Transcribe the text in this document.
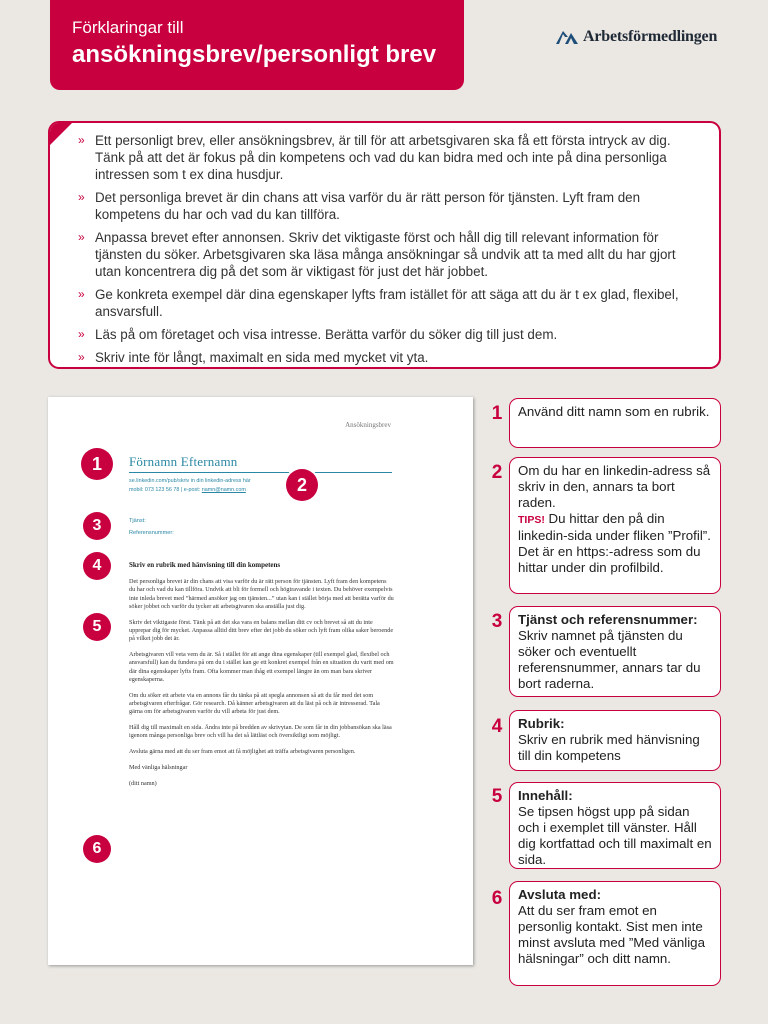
Förklaringar till
ansökningsbrev/personligt brev
Arbetsförmedlingen
» Ett personligt brev, eller ansökningsbrev, är till för att arbetsgivaren ska få ett första intryck av dig. Tänk på att det är fokus på din kompetens och vad du kan bidra med och inte på dina personliga intressen som t ex dina husdjur.
» Det personliga brevet är din chans att visa varför du är rätt person för tjänsten. Lyft fram den kompetens du har och vad du kan tillföra.
» Anpassa brevet efter annonsen. Skriv det viktigaste först och håll dig till relevant information för tjänsten du söker. Arbetsgivaren ska läsa många ansökningar så undvik att ta med allt du har gjort utan koncentrera dig på det som är viktigast för just det här jobbet.
» Ge konkreta exempel där dina egenskaper lyfts fram istället för att säga att du är t ex glad, flexibel, ansvarsfull.
» Läs på om företaget och visa intresse. Berätta varför du söker dig till just dem.
» Skriv inte för långt, maximalt en sida med mycket vit yta.
Ansökningsbrev
Förnamn Efternamn
se.linkedin.com/pub/skriv in din linkedin-adress här
mobil: 073 123 56 78 | e-post: namn@namn.com
Tjänst:
Referensnummer:
Skriv en rubrik med hänvisning till din kompetens

Det personliga brevet är din chans att visa varför du är rätt person för tjänsten. Lyft fram den kompetens du har och vad du kan tillföra. Undvik att bli för formell och högtravande i texten. Du behöver exempelvis inte inleda brevet med ”härmed ansöker jag om tjänsten...” utan kan i stället börja med att berätta varför du söker jobbet och varför du tycker att arbetsgivaren ska anställa just dig.

Skriv det viktigaste först. Tänk på att det ska vara en balans mellan ditt cv och brevet så att du inte upprepar dig för mycket. Anpassa alltid ditt brev efter det jobb du söker och lyft fram olika saker beroende på vilket jobb det är.

Arbetsgivaren vill veta vem du är. Så i stället för att ange dina egenskaper (till exempel glad, flexibel och ansvarsfull) kan du fundera på om du i stället kan ge ett konkret exempel från en situation du varit med om där dina egenskaper lyfts fram. Ofta kommer man ihåg ett exempel längre än om man bara skriver egenskaperna.

Om du söker ett arbete via en annons får du tänka på att spegla annonsen så att du får med det som arbetsgivaren efterfrågar. Gör research. Då känner arbetsgivaren att du läst på och är intresserad. Tala gärna om för arbetsgivaren varför du vill arbeta för just dem.

Håll dig till maximalt en sida. Ändra inte på bredden av skrivytan. De som får in din jobbansökan ska läsa igenom många personliga brev och vill ha det så lättläst och översiktligt som möjligt.

Avsluta gärna med att du ser fram emot att få möjlighet att träffa arbetsgivaren personligen.

Med vänliga hälsningar

(ditt namn)

1
2
3
4
5
6
1	Använd ditt namn som en rubrik.
2	Om du har en linkedin-adress så skriv in den, annars ta bort raden.
TIPS! Du hittar den på din linkedin-sida under fliken ”Profil”. Det är en https:-adress som du hittar under din profilbild.
3	Tjänst och referensnummer:
Skriv namnet på tjänsten du söker och eventuellt referensnummer, annars tar du bort raderna.
4	Rubrik:
Skriv en rubrik med hänvisning till din kompetens
5	Innehåll:
Se tipsen högst upp på sidan och i exemplet till vänster. Håll dig kortfattad och till maximalt en sida.
6	Avsluta med:
Att du ser fram emot en personlig kontakt. Sist men inte minst avsluta med ”Med vänliga hälsningar” och ditt namn.
